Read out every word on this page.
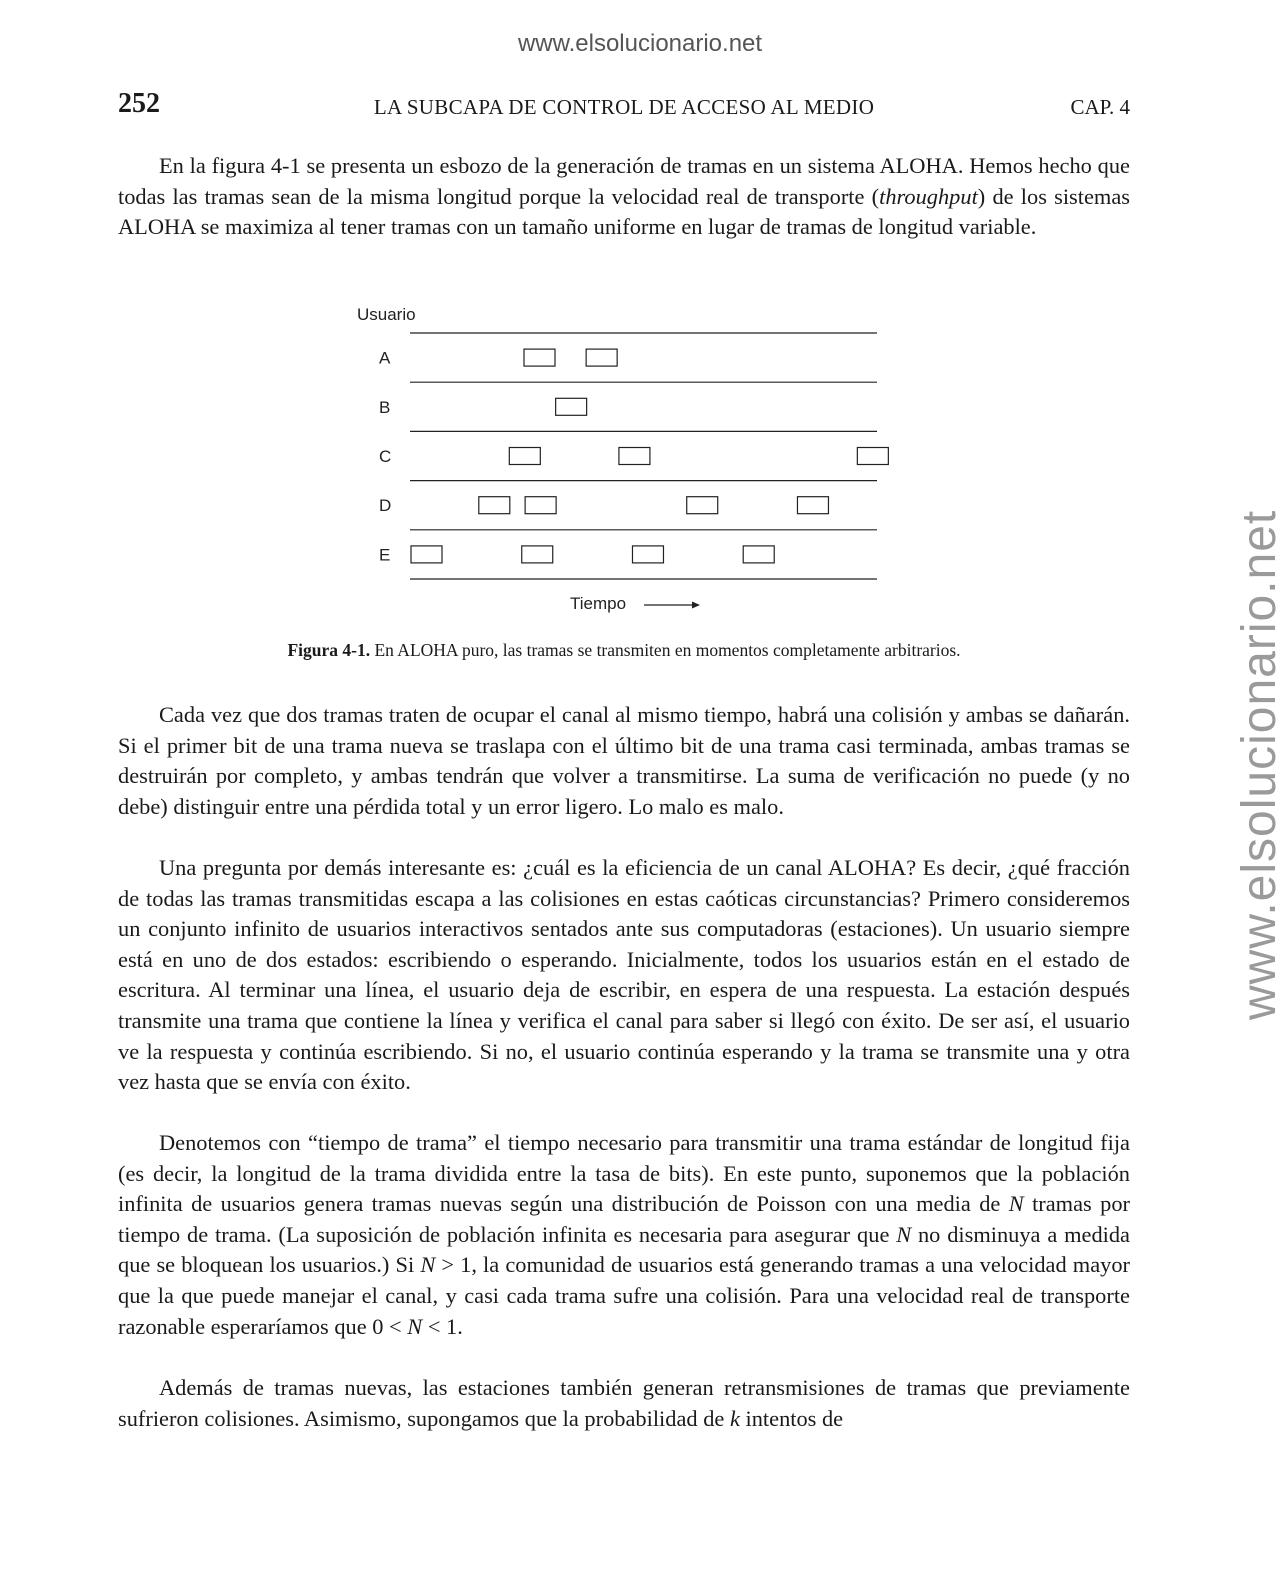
www.elsolucionario.net
www.elsolucionario.net
252	LA SUBCAPA DE CONTROL DE ACCESO AL MEDIO	CAP. 4

En la figura 4-1 se presenta un esbozo de la generación de tramas en un sistema ALOHA. Hemos hecho que todas las tramas sean de la misma longitud porque la velocidad real de transporte (throughput) de los sistemas ALOHA se maximiza al tener tramas con un tamaño uniforme en lugar de tramas de longitud variable.

Usuario
A
B
C
D
E
Tiempo
Figura 4-1. En ALOHA puro, las tramas se transmiten en momentos completamente arbitrarios.

Cada vez que dos tramas traten de ocupar el canal al mismo tiempo, habrá una colisión y ambas se dañarán. Si el primer bit de una trama nueva se traslapa con el último bit de una trama casi terminada, ambas tramas se destruirán por completo, y ambas tendrán que volver a transmitirse. La suma de verificación no puede (y no debe) distinguir entre una pérdida total y un error ligero. Lo malo es malo.

Una pregunta por demás interesante es: ¿cuál es la eficiencia de un canal ALOHA? Es decir, ¿qué fracción de todas las tramas transmitidas escapa a las colisiones en estas caóticas circunstancias? Primero consideremos un conjunto infinito de usuarios interactivos sentados ante sus computadoras (estaciones). Un usuario siempre está en uno de dos estados: escribiendo o esperando. Inicialmente, todos los usuarios están en el estado de escritura. Al terminar una línea, el usuario deja de escribir, en espera de una respuesta. La estación después transmite una trama que contiene la línea y verifica el canal para saber si llegó con éxito. De ser así, el usuario ve la respuesta y continúa escribiendo. Si no, el usuario continúa esperando y la trama se transmite una y otra vez hasta que se envía con éxito.

Denotemos con “tiempo de trama” el tiempo necesario para transmitir una trama estándar de longitud fija (es decir, la longitud de la trama dividida entre la tasa de bits). En este punto, suponemos que la población infinita de usuarios genera tramas nuevas según una distribución de Poisson con una media de N tramas por tiempo de trama. (La suposición de población infinita es necesaria para asegurar que N no disminuya a medida que se bloquean los usuarios.) Si N > 1, la comunidad de usuarios está generando tramas a una velocidad mayor que la que puede manejar el canal, y casi cada trama sufre una colisión. Para una velocidad real de transporte razonable esperaríamos que 0 < N < 1.

Además de tramas nuevas, las estaciones también generan retransmisiones de tramas que previamente sufrieron colisiones. Asimismo, supongamos que la probabilidad de k intentos de
